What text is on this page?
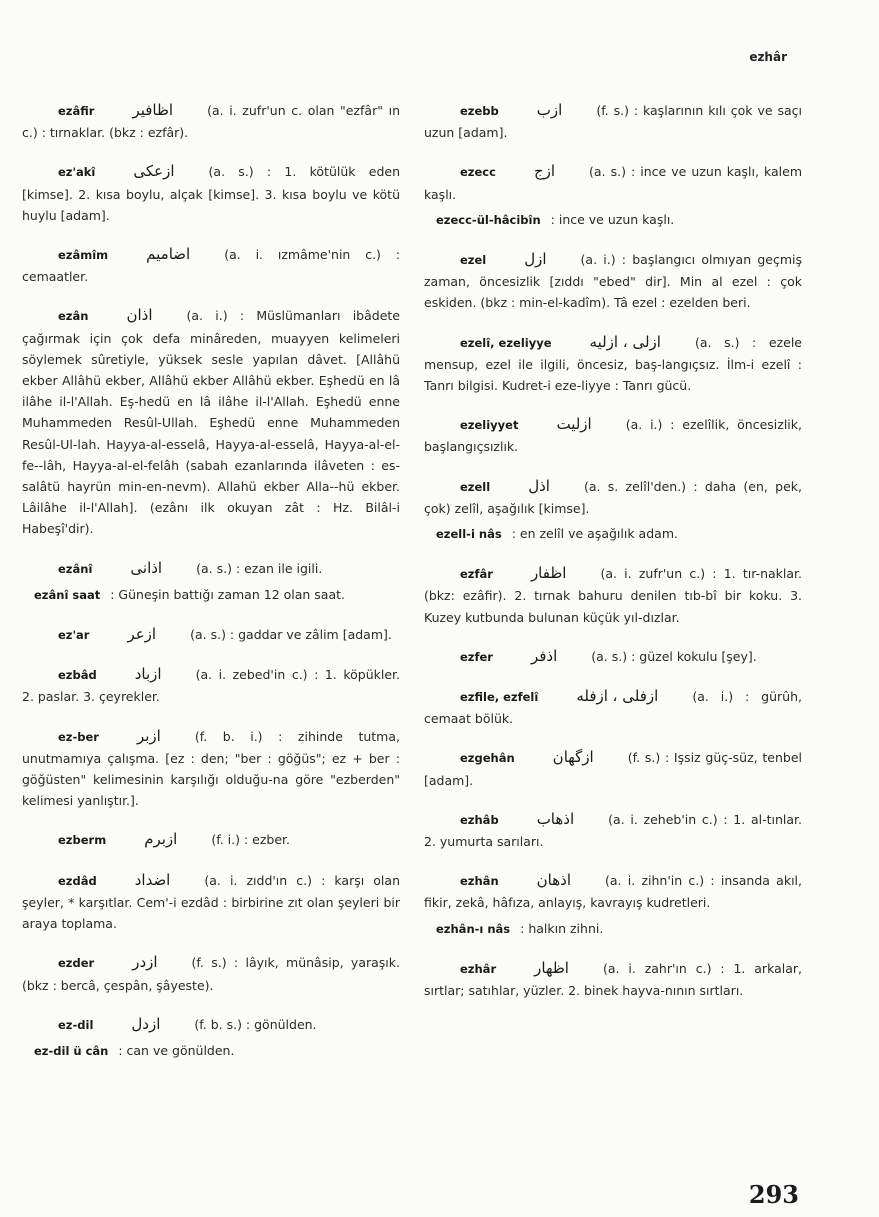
ezhâr
ezâfir	اظافير	(a. i. zufr'un c. olan "ezfâr" ın c.) : tırnaklar. (bkz : ezfâr).
ez'akî	ازعكى	(a. s.) : 1. kötülük eden [kimse]. 2. kısa boylu, alçak [kimse]. 3. kısa boylu ve kötü huylu [adam].
ezâmîm	اضاميم	(a. i. ızmâme'nin c.) : cemaatler.
ezân	اذان	(a. i.) : Müslümanları ibâdete çağırmak için çok defa minâreden, muayyen kelimeleri söylemek sûretiyle, yüksek sesle yapılan dâvet. [Allâhü ekber Allâhü ekber, Allâhü ekber Allâhü ekber. Eşhedü en lâ ilâhe il-l'Allah. Eş-hedü en lâ ilâhe il-l'Allah. Eşhedü enne Muhammeden Resûl-Ullah. Eşhedü enne Muhammeden Resûl-Ul-lah. Hayya-al-esselâ, Hayya-al-esselâ, Hayya-al-el-fe--lâh, Hayya-al-el-felâh (sabah ezanlarında ilâveten : es-salâtü hayrün min-en-nevm). Allahü ekber Alla--hü ekber. Lâilâhe il-l'Allah]. (ezânı ilk okuyan zât : Hz. Bilâl-i Habeşî'dir).
ezânî	اذانى	(a. s.) : ezan ile igili.
ezânî saat : Güneşin battığı zaman 12 olan saat.
ez'ar	ازعر	(a. s.) : gaddar ve zâlim [adam].
ezbâd	ازباد	(a. i. zebed'in c.) : 1. köpükler. 2. paslar. 3. çeyrekler.
ez-ber	ازبر	(f. b. i.) : zihinde tutma, unutmamıya çalışma. [ez : den; "ber : göğüs"; ez + ber : göğüsten" kelimesinin karşılığı olduğu-na göre "ezberden" kelimesi yanlıştır.].
ezberm	ازبرم	(f. i.) : ezber.
ezdâd	اضداد	(a. i. zıdd'ın c.) : karşı olan şeyler, * karşıtlar. Cem'-i ezdâd : birbirine zıt olan şeyleri bir araya toplama.
ezder	ازدر	(f. s.) : lâyık, münâsip, yaraşık. (bkz : bercâ, çespân, şâyeste).
ez-dil	ازدل	(f. b. s.) : gönülden.
ez-dil ü cân : can ve gönülden.
ezebb	ازب	(f. s.) : kaşlarının kılı çok ve saçı uzun [adam].
ezecc	ازج	(a. s.) : ince ve uzun kaşlı, kalem kaşlı.
ezecc-ül-hâcibîn : ince ve uzun kaşlı.
ezel	ازل	(a. i.) : başlangıcı olmıyan geçmiş zaman, öncesizlik [zıddı "ebed" dir]. Min al ezel : çok eskiden. (bkz : min-el-kadîm). Tâ ezel : ezelden beri.
ezelî, ezeliyye	ازلى ، ازليه	(a. s.) : ezele mensup, ezel ile ilgili, öncesiz, baş-langıçsız. İlm-i ezelî : Tanrı bilgisi. Kudret-i eze-liyye : Tanrı gücü.
ezeliyyet	ازليت	(a. i.) : ezelîlik, öncesizlik, başlangıçsızlık.
ezell	اذل	(a. s. zelîl'den.) : daha (en, pek, çok) zelîl, aşağılık [kimse].
ezell-i nâs : en zelîl ve aşağılık adam.
ezfâr	اظفار	(a. i. zufr'un c.) : 1. tır-naklar. (bkz: ezâfir). 2. tırnak bahuru denilen tıb-bî bir koku. 3. Kuzey kutbunda bulunan küçük yıl-dızlar.
ezfer	اذفر	(a. s.) : güzel kokulu [şey].
ezfile, ezfelî	ازفلى ، ازفله	(a. i.) : gürûh, cemaat bölük.
ezgehân	ازگهان	(f. s.) : Işsiz güç-süz, tenbel [adam].
ezhâb	اذهاب	(a. i. zeheb'in c.) : 1. al-tınlar. 2. yumurta sarıları.
ezhân	اذهان	(a. i. zihn'in c.) : insanda akıl, fikir, zekâ, hâfıza, anlayış, kavrayış kudretleri.
ezhân-ı nâs : halkın zihni.
ezhâr	اظهار	(a. i. zahr'ın c.) : 1. arkalar, sırtlar; satıhlar, yüzler. 2. binek hayva-nının sırtları.
293
